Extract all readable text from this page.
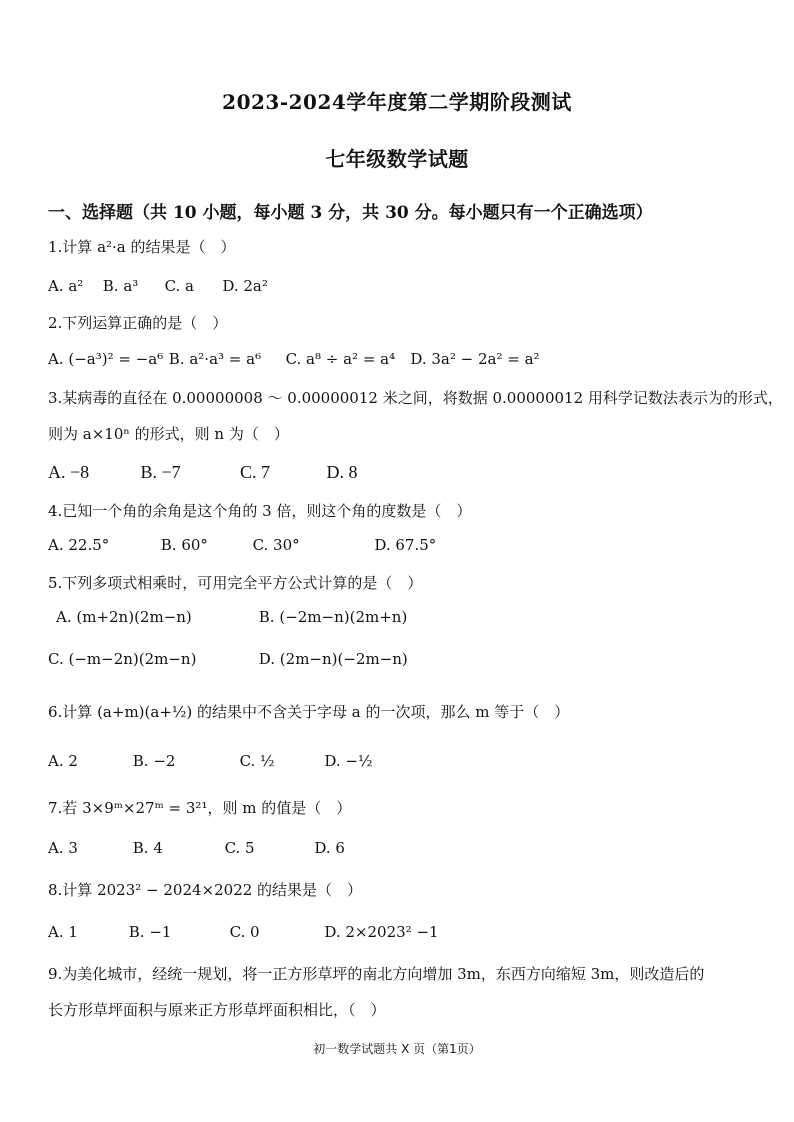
2023-2024学年度第二学期阶段测试
七年级数学试题
一、选择题（共 10 小题，每小题 3 分，共 30 分。每小题只有一个正确选项）
1.计算 a²·a 的结果是（　）
A. a² B. a³ C. a D. 2a²
2.下列运算正确的是（　）
A. (−a³)² = −a⁶ B. a²·a³ = a⁶ C. a⁸ ÷ a² = a⁴ D. 3a² − 2a² = a²
3.某病毒的直径在 0.00000008 ～ 0.00000012 米之间，将数据 0.00000012 用科学记数法表示为的形式，
则为 a×10ⁿ 的形式，则 n 为（　）
A. −8	B. −7	C. 7	D. 8
4.已知一个角的余角是这个角的 3 倍，则这个角的度数是（　）
A. 22.5°	B. 60°	C. 30°	D. 67.5°
5.下列多项式相乘时，可用完全平方公式计算的是（　）
A. (m+2n)(2m−n)	B. (−2m−n)(2m+n)
C. (−m−2n)(2m−n)	D. (2m−n)(−2m−n)
6.计算 (a+m)(a+½) 的结果中不含关于字母 a 的一次项，那么 m 等于（　）
A. 2	B. −2	C. ½	D. −½
7.若 3×9ᵐ×27ᵐ = 3²¹，则 m 的值是（　）
A. 3	B. 4	C. 5	D. 6
8.计算 2023² − 2024×2022 的结果是（　）
A. 1	B. −1	C. 0	D. 2×2023² −1
9.为美化城市，经统一规划，将一正方形草坪的南北方向增加 3m，东西方向缩短 3m，则改造后的
长方形草坪面积与原来正方形草坪面积相比，（　）
初一数学试题共 X 页（第1页）
